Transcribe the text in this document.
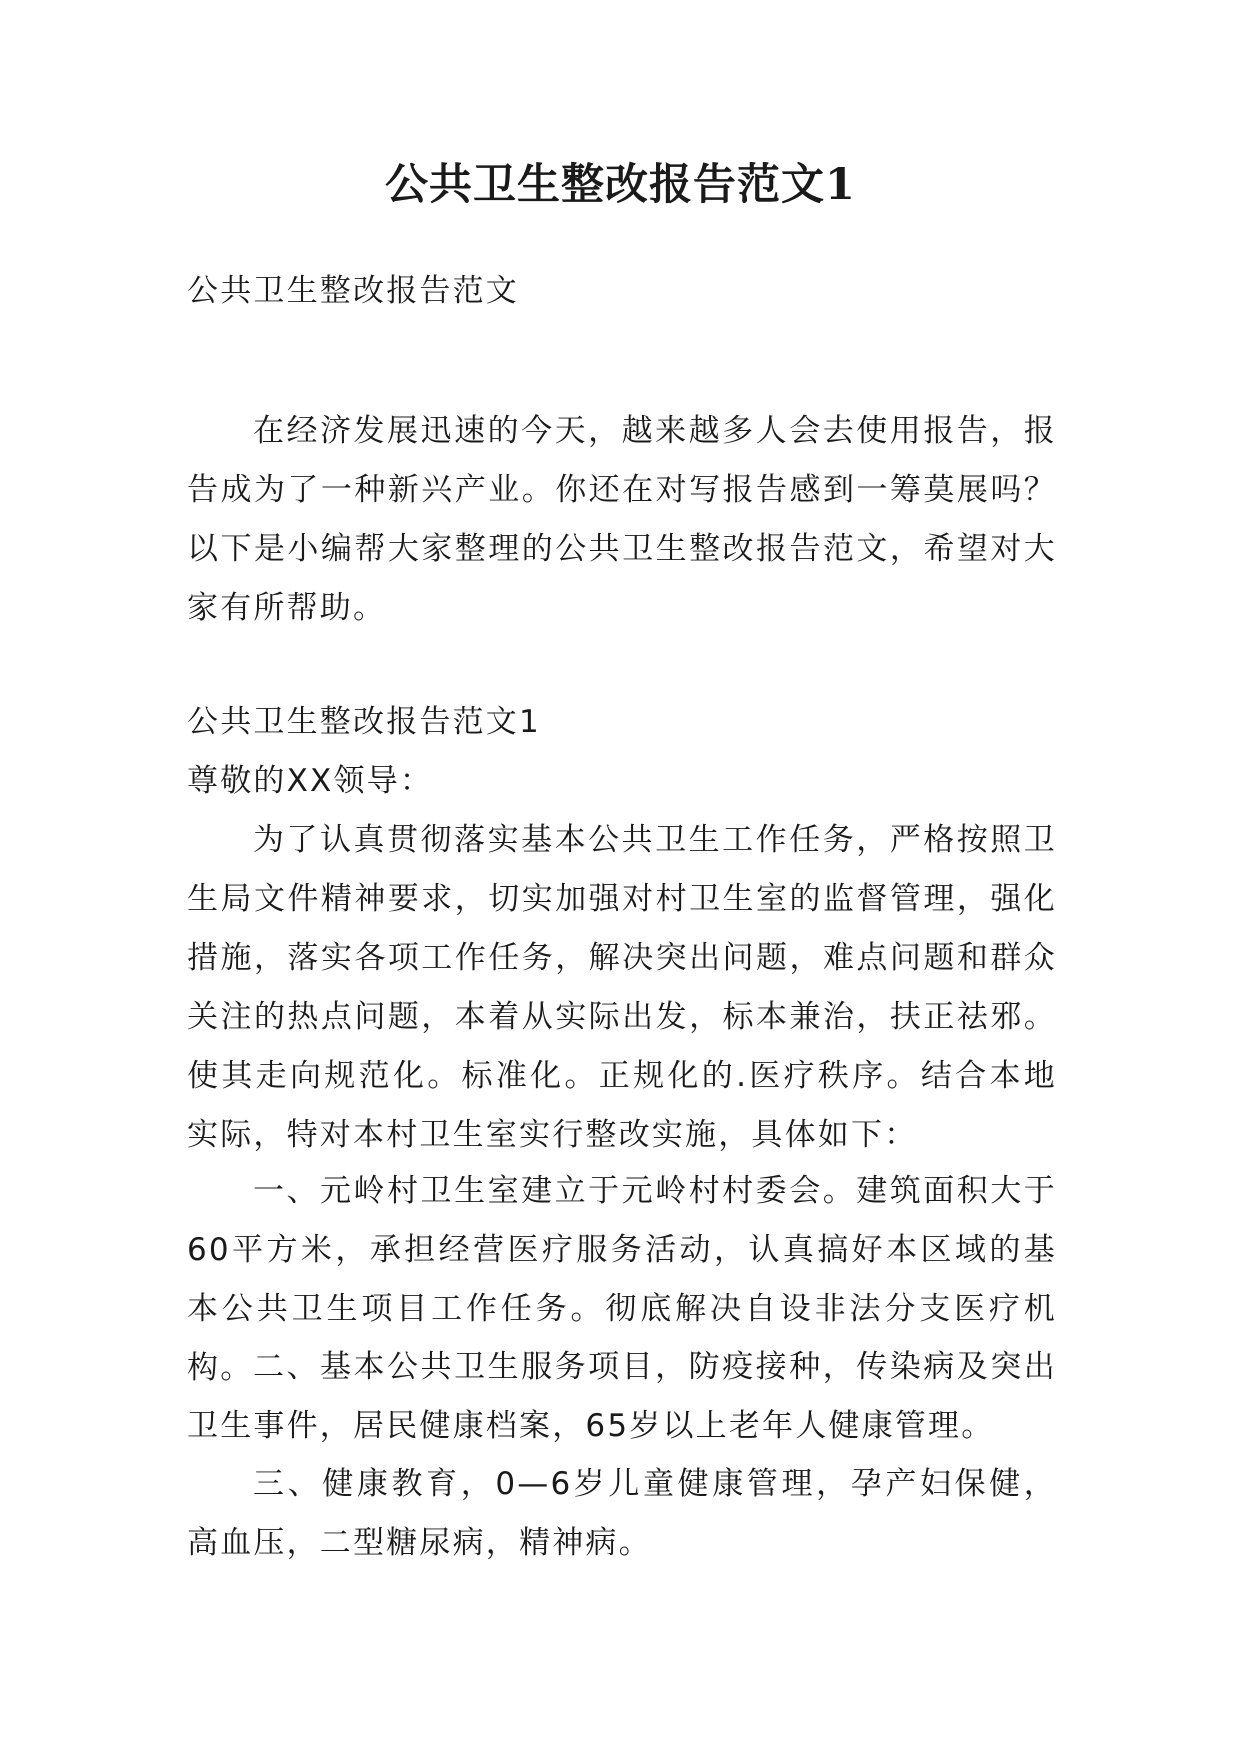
公共卫生整改报告范文1

公共卫生整改报告范文

在经济发展迅速的今天，越来越多人会去使用报告，报告成为了一种新兴产业。你还在对写报告感到一筹莫展吗？以下是小编帮大家整理的公共卫生整改报告范文，希望对大家有所帮助。

公共卫生整改报告范文1

尊敬的XX领导：

为了认真贯彻落实基本公共卫生工作任务，严格按照卫生局文件精神要求，切实加强对村卫生室的监督管理，强化措施，落实各项工作任务，解决突出问题，难点问题和群众关注的热点问题，本着从实际出发，标本兼治，扶正祛邪。使其走向规范化。标准化。正规化的.医疗秩序。结合本地实际，特对本村卫生室实行整改实施，具体如下：

一、元岭村卫生室建立于元岭村村委会。建筑面积大于60平方米，承担经营医疗服务活动，认真搞好本区域的基本公共卫生项目工作任务。彻底解决自设非法分支医疗机构。 二、基本公共卫生服务项目，防疫接种，传染病及突出卫生事件，居民健康档案，65岁以上老年人健康管理。

三、健康教育，0—6岁儿童健康管理，孕产妇保健，高血压，二型糖尿病，精神病。
